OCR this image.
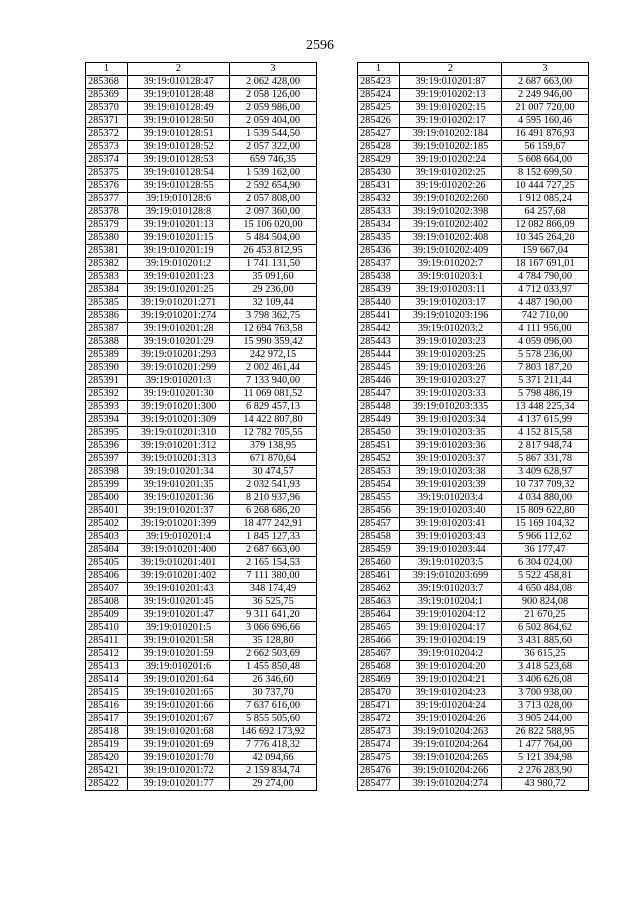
2596
1	2	3
285368	39:19:010128:47	2 062 428,00
285369	39:19:010128:48	2 058 126,00
285370	39:19:010128:49	2 059 986,00
285371	39:19:010128:50	2 059 404,00
285372	39:19:010128:51	1 539 544,50
285373	39:19:010128:52	2 057 322,00
285374	39:19:010128:53	659 746,35
285375	39:19:010128:54	1 539 162,00
285376	39:19:010128:55	2 592 654,90
285377	39:19:010128:6	2 057 808,00
285378	39:19:010128:8	2 097 360,00
285379	39:19:010201:13	15 106 020,00
285380	39:19:010201:15	5 484 504,00
285381	39:19:010201:19	26 453 812,95
285382	39:19:010201:2	1 741 131,50
285383	39:19:010201:23	35 091,60
285384	39:19:010201:25	29 236,00
285385	39:19:010201:271	32 109,44
285386	39:19:010201:274	3 798 362,75
285387	39:19:010201:28	12 694 763,58
285388	39:19:010201:29	15 990 359,42
285389	39:19:010201:293	242 972,15
285390	39:19:010201:299	2 002 461,44
285391	39:19:010201:3	7 133 940,00
285392	39:19:010201:30	11 069 081,52
285393	39:19:010201:300	6 829 457,13
285394	39:19:010201:309	14 422 807,80
285395	39:19:010201:310	12 782 705,55
285396	39:19:010201:312	379 138,95
285397	39:19:010201:313	671 870,64
285398	39:19:010201:34	30 474,57
285399	39:19:010201:35	2 032 541,93
285400	39:19:010201:36	8 210 937,96
285401	39:19:010201:37	6 268 686,20
285402	39:19:010201:399	18 477 242,91
285403	39:19:010201:4	1 845 127,33
285404	39:19:010201:400	2 687 663,00
285405	39:19:010201:401	2 165 154,53
285406	39:19:010201:402	7 111 380,00
285407	39:19:010201:43	348 174,49
285408	39:19:010201:45	36 525,75
285409	39:19:010201:47	9 311 641,20
285410	39:19:010201:5	3 066 696,66
285411	39:19:010201:58	35 128,80
285412	39:19:010201:59	2 662 503,69
285413	39:19:010201:6	1 455 850,48
285414	39:19:010201:64	26 346,60
285415	39:19:010201:65	30 737,70
285416	39:19:010201:66	7 637 616,00
285417	39:19:010201:67	5 855 505,60
285418	39:19:010201:68	146 692 173,92
285419	39:19:010201:69	7 776 418,32
285420	39:19:010201:70	42 094,66
285421	39:19:010201:72	2 159 834,74
285422	39:19:010201:77	29 274,00
1	2	3
285423	39:19:010201:87	2 687 663,00
285424	39:19:010202:13	2 249 946,00
285425	39:19:010202:15	21 007 720,00
285426	39:19:010202:17	4 595 160,46
285427	39:19:010202:184	16 491 876,93
285428	39:19:010202:185	56 159,67
285429	39:19:010202:24	5 608 664,00
285430	39:19:010202:25	8 152 699,50
285431	39:19:010202:26	10 444 727,25
285432	39:19:010202:260	1 912 085,24
285433	39:19:010202:398	64 257,68
285434	39:19:010202:402	12 082 866,09
285435	39:19:010202:408	10 345 264,20
285436	39:19:010202:409	159 667,04
285437	39:19:010202:7	18 167 691,01
285438	39:19:010203:1	4 784 790,00
285439	39:19:010203:11	4 712 033,97
285440	39:19:010203:17	4 487 190,00
285441	39:19:010203:196	742 710,00
285442	39:19:010203:2	4 111 956,00
285443	39:19:010203:23	4 059 096,00
285444	39:19:010203:25	5 578 236,00
285445	39:19:010203:26	7 803 187,20
285446	39:19:010203:27	5 371 211,44
285447	39:19:010203:33	5 798 486,19
285448	39:19:010203:335	13 448 225,34
285449	39:19:010203:34	4 137 615,99
285450	39:19:010203:35	4 152 815,58
285451	39:19:010203:36	2 817 948,74
285452	39:19:010203:37	5 867 331,78
285453	39:19:010203:38	3 409 628,97
285454	39:19:010203:39	10 737 709,32
285455	39:19:010203:4	4 034 880,00
285456	39:19:010203:40	15 809 622,80
285457	39:19:010203:41	15 169 104,32
285458	39:19:010203:43	5 966 112,62
285459	39:19:010203:44	36 177,47
285460	39:19:010203:5	6 304 024,00
285461	39:19:010203:699	5 522 458,81
285462	39:19:010203:7	4 650 484,08
285463	39:19:010204:1	900 824,08
285464	39:19:010204:12	21 670,25
285465	39:19:010204:17	6 502 864,62
285466	39:19:010204:19	3 431 885,60
285467	39:19:010204:2	36 615,25
285468	39:19:010204:20	3 418 523,68
285469	39:19:010204:21	3 406 626,08
285470	39:19:010204:23	3 700 938,00
285471	39:19:010204:24	3 713 028,00
285472	39:19:010204:26	3 905 244,00
285473	39:19:010204:263	26 822 588,95
285474	39:19:010204:264	1 477 764,00
285475	39:19:010204:265	5 121 394,98
285476	39:19:010204:266	2 276 283,90
285477	39:19:010204:274	43 980,72
